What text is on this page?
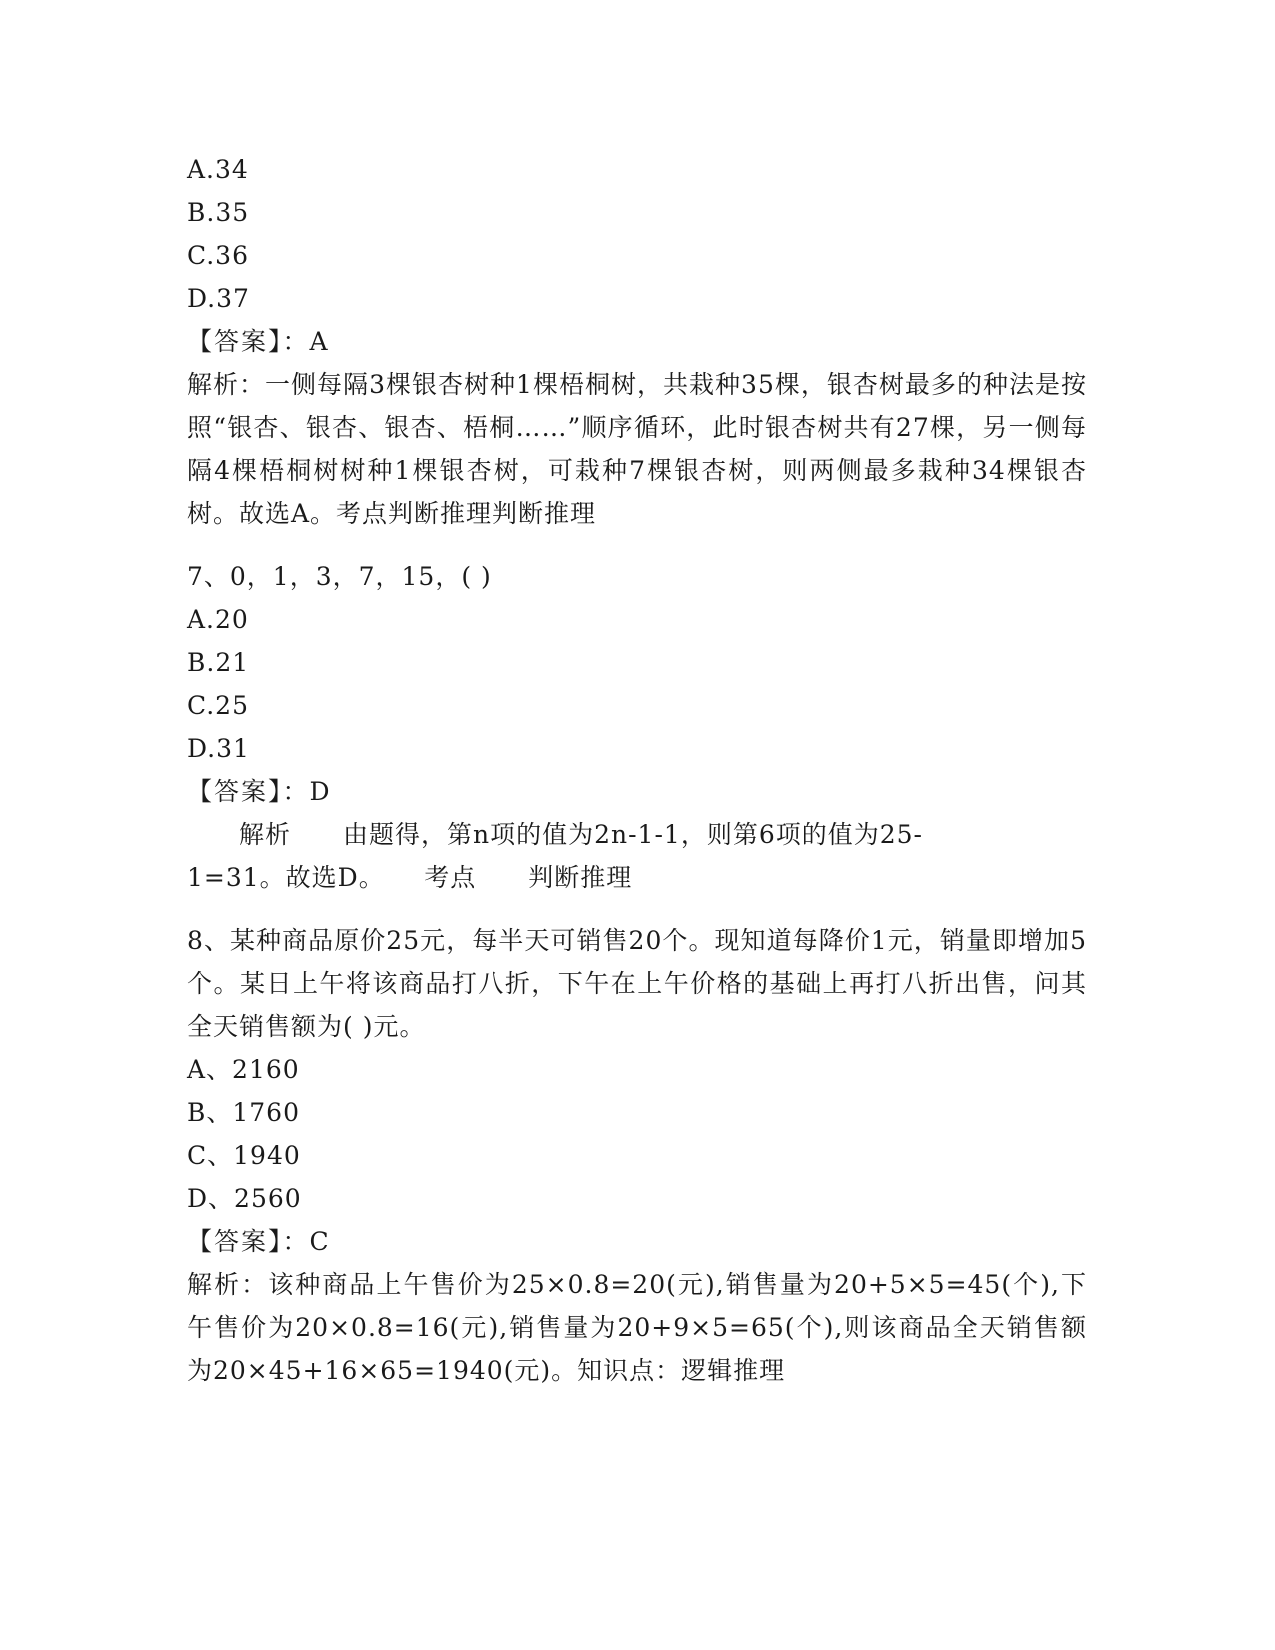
A.34
B.35
C.36
D.37
【答案】：A
解析：一侧每隔3棵银杏树种1棵梧桐树，共栽种35棵，银杏树最多的种法是按照“银杏、银杏、银杏、梧桐……”顺序循环，此时银杏树共有27棵，另一侧每隔4棵梧桐树树种1棵银杏树，可栽种7棵银杏树，则两侧最多栽种34棵银杏树。故选A。考点判断推理判断推理
7、0，1，3，7，15，( )
A.20
B.21
C.25
D.31
【答案】：D
　　解析　　由题得，第n项的值为2n-1-1，则第6项的值为25-
1=31。故选D。　　考点　　判断推理
8、某种商品原价25元，每半天可销售20个。现知道每降价1元，销量即增加5个。某日上午将该商品打八折，下午在上午价格的基础上再打八折出售，问其全天销售额为( )元。
A、2160
B、1760
C、1940
D、2560
【答案】：C
解析：该种商品上午售价为25×0.8=20(元),销售量为20+5×5=45(个),下午售价为20×0.8=16(元),销售量为20+9×5=65(个),则该商品全天销售额为20×45+16×65=1940(元)。知识点：逻辑推理
